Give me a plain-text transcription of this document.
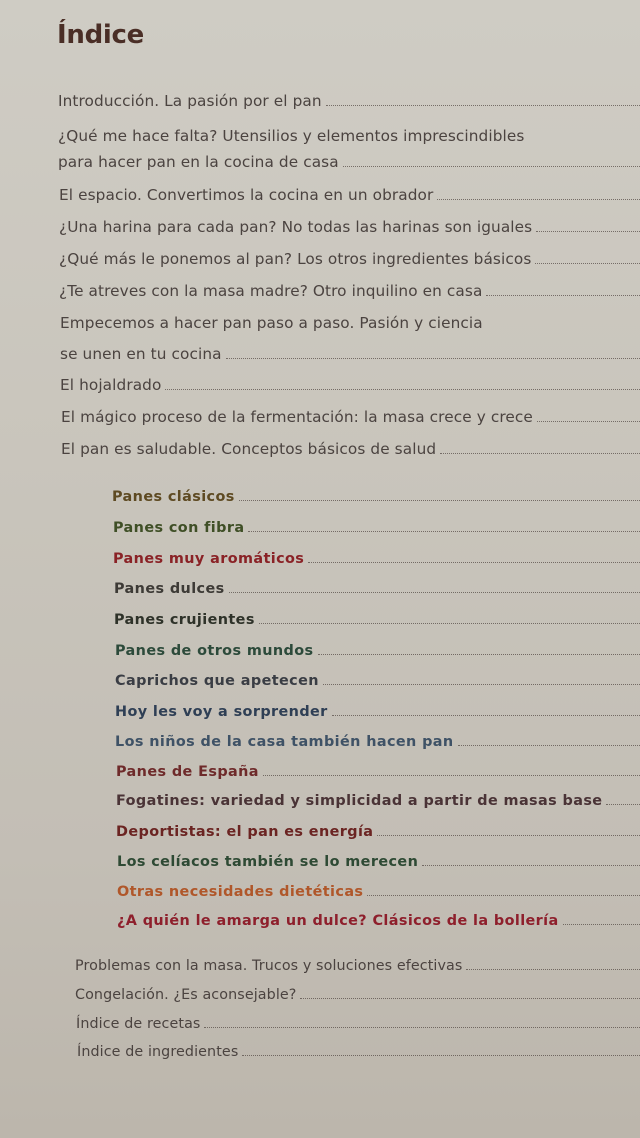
Índice
Introducción. La pasión por el pan
¿Qué me hace falta? Utensilios y elementos imprescindibles
para hacer pan en la cocina de casa
El espacio. Convertimos la cocina en un obrador
¿Una harina para cada pan? No todas las harinas son iguales
¿Qué más le ponemos al pan? Los otros ingredientes básicos
¿Te atreves con la masa madre? Otro inquilino en casa
Empecemos a hacer pan paso a paso. Pasión y ciencia
se unen en tu cocina
El hojaldrado
El mágico proceso de la fermentación: la masa crece y crece
El pan es saludable. Conceptos básicos de salud
Panes clásicos
Panes con fibra
Panes muy aromáticos
Panes dulces
Panes crujientes
Panes de otros mundos
Caprichos que apetecen
Hoy les voy a sorprender
Los niños de la casa también hacen pan
Panes de España
Fogatines: variedad y simplicidad a partir de masas base
Deportistas: el pan es energía
Los celíacos también se lo merecen
Otras necesidades dietéticas
¿A quién le amarga un dulce? Clásicos de la bollería
Problemas con la masa. Trucos y soluciones efectivas
Congelación. ¿Es aconsejable?
Índice de recetas
Índice de ingredientes
